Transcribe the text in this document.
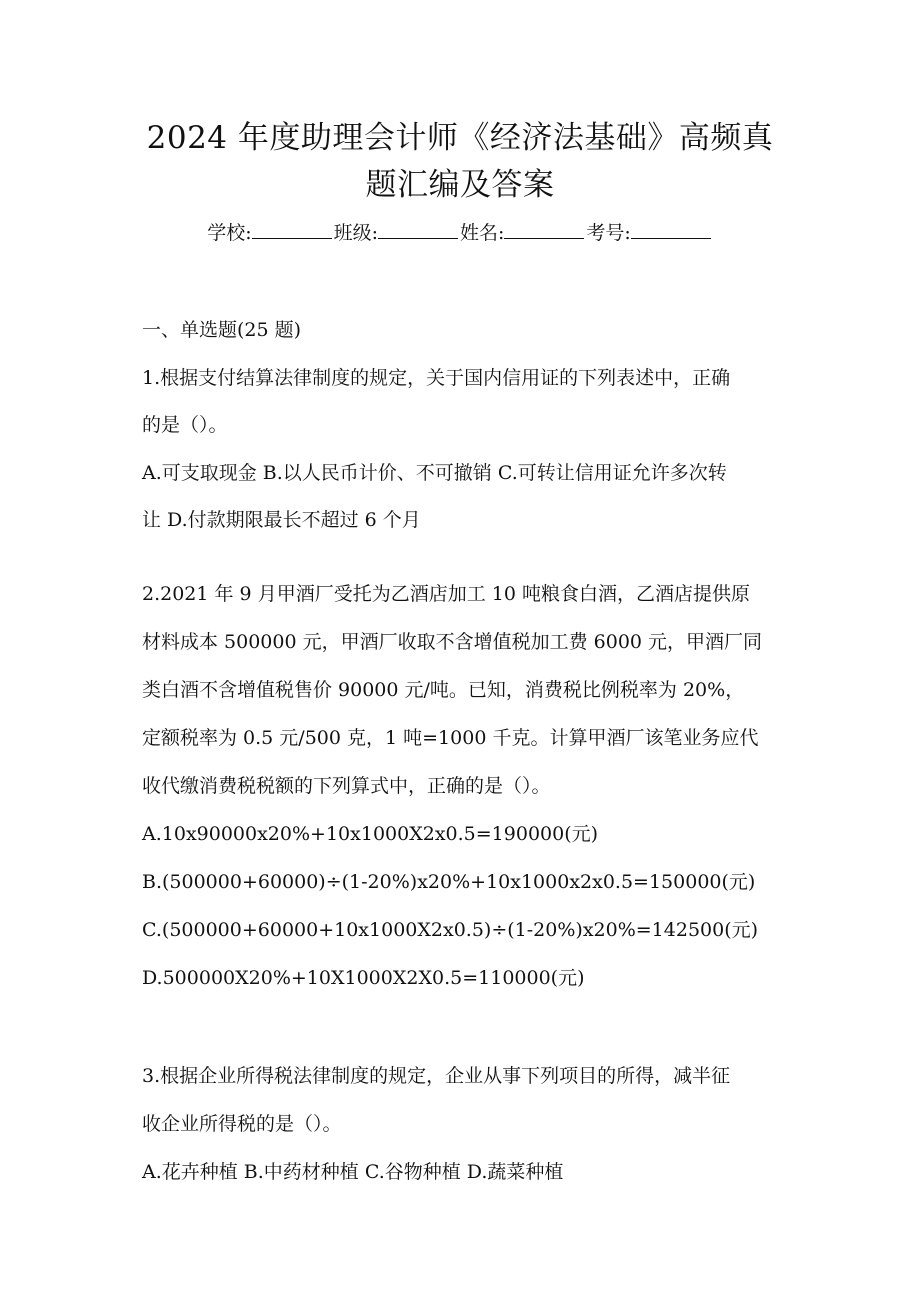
2024 年度助理会计师《经济法基础》高频真
题汇编及答案
学校:	班级:	姓名:	考号:
一、单选题(25 题)
1.根据支付结算法律制度的规定，关于国内信用证的下列表述中，正确
的是（）。
A.可支取现金 B.以人民币计价、不可撤销 C.可转让信用证允许多次转
让 D.付款期限最长不超过 6 个月
2.2021 年 9 月甲酒厂受托为乙酒店加工 10 吨粮食白酒，乙酒店提供原
材料成本 500000 元，甲酒厂收取不含增值税加工费 6000 元，甲酒厂同
类白酒不含增值税售价 90000 元/吨。已知，消费税比例税率为 20%，
定额税率为 0.5 元/500 克，1 吨=1000 千克。计算甲酒厂该笔业务应代
收代缴消费税税额的下列算式中，正确的是（）。
A.10x90000x20%+10x1000X2x0.5=190000(元)
B.(500000+60000)÷(1-20%)x20%+10x1000x2x0.5=150000(元)
C.(500000+60000+10x1000X2x0.5)÷(1-20%)x20%=142500(元)
D.500000X20%+10X1000X2X0.5=110000(元)
3.根据企业所得税法律制度的规定，企业从事下列项目的所得，减半征
收企业所得税的是（）。
A.花卉种植 B.中药材种植 C.谷物种植 D.蔬菜种植
